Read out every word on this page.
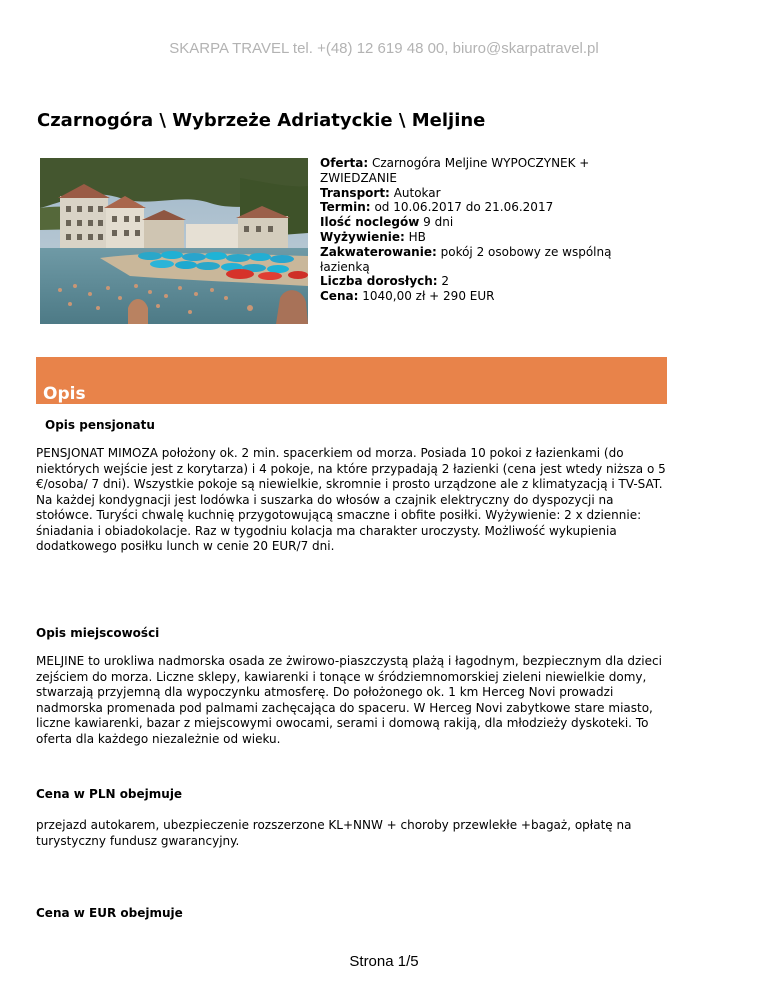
SKARPA TRAVEL tel. +(48) 12 619 48 00, biuro@skarpatravel.pl
Czarnogóra \ Wybrzeże Adriatyckie \ Meljine

Oferta: Czarnogóra Meljine WYPOCZYNEK + ZWIEDZANIE

Transport: Autokar

Termin: od 10.06.2017 do 21.06.2017

Ilość noclegów 9 dni

Wyżywienie: HB

Zakwaterowanie: pokój 2 osobowy ze wspólną łazienką

Liczba dorosłych: 2

Cena: 1040,00 zł + 290 EUR

Opis
Opis pensjonatu
PENSJONAT MIMOZA położony ok. 2 min. spacerkiem od morza. Posiada 10 pokoi z łazienkami (do niektórych wejście jest z korytarza) i 4 pokoje, na które przypadają 2 łazienki (cena jest wtedy niższa o 5 €/osoba/ 7 dni). Wszystkie pokoje są niewielkie, skromnie i prosto urządzone ale z klimatyzacją i TV-SAT. Na każdej kondygnacji jest lodówka i suszarka do włosów a czajnik elektryczny do dyspozycji na stołówce. Turyści chwalę kuchnię przygotowującą smaczne i obfite posiłki. Wyżywienie: 2 x dziennie: śniadania i obiadokolacje. Raz w tygodniu kolacja ma charakter uroczysty. Możliwość wykupienia dodatkowego posiłku lunch w cenie 20 EUR/7 dni.
Opis miejscowości
MELJINE to urokliwa nadmorska osada ze żwirowo-piaszczystą plażą i łagodnym, bezpiecznym dla dzieci zejściem do morza. Liczne sklepy, kawiarenki i tonące w śródziemnomorskiej zieleni niewielkie domy, stwarzają przyjemną dla wypoczynku atmosferę. Do położonego ok. 1 km Herceg Novi prowadzi nadmorska promenada pod palmami zachęcająca do spaceru. W Herceg Novi zabytkowe stare miasto, liczne kawiarenki, bazar z miejscowymi owocami, serami i domową rakiją, dla młodzieży dyskoteki. To oferta dla każdego niezależnie od wieku.
Cena w PLN obejmuje
przejazd autokarem, ubezpieczenie rozszerzone KL+NNW + choroby przewlekłe +bagaż, opłatę na turystyczny fundusz gwarancyjny.
Cena w EUR obejmuje
Strona 1/5
